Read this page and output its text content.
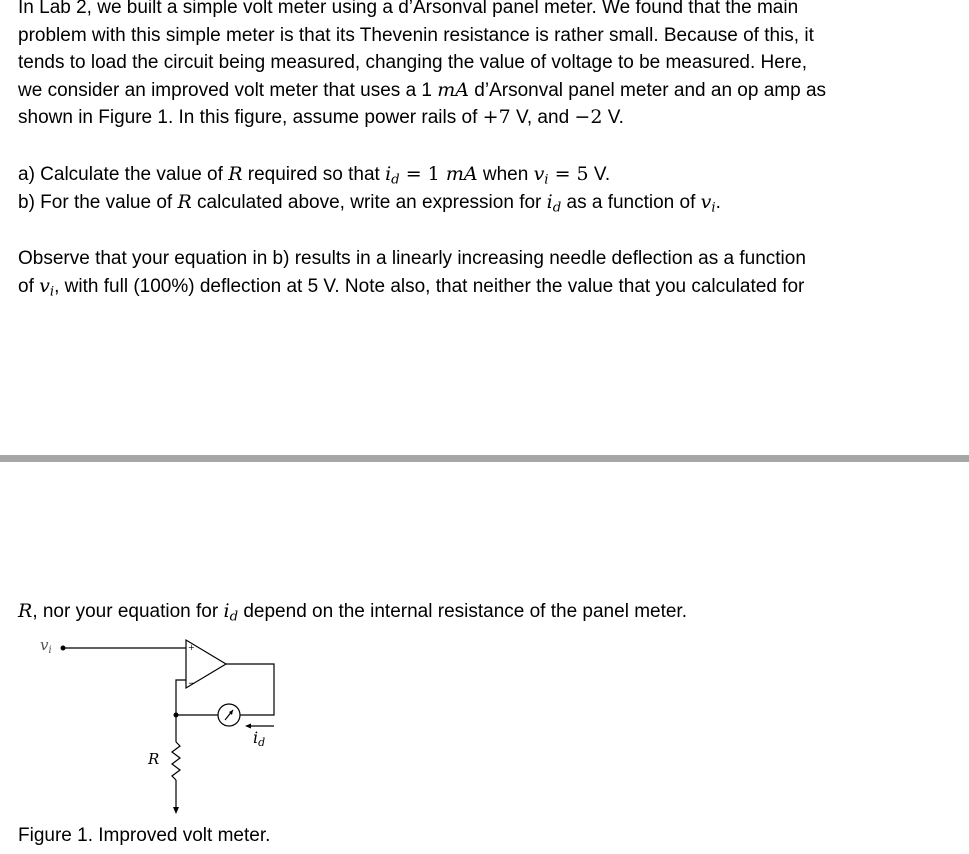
In Lab 2, we built a simple volt meter using a d’Arsonval panel meter. We found that the main
problem with this simple meter is that its Thevenin resistance is rather small. Because of this, it
tends to load the circuit being measured, changing the value of voltage to be measured. Here,
we consider an improved volt meter that uses a 1 mA d’Arsonval panel meter and an op amp as
shown in Figure 1. In this figure, assume power rails of +7 V, and −2 V.
a) Calculate the value of R required so that $i_d = 1$ mA when $v_i = 5$ V.
b) For the value of R calculated above, write an expression for $i_d$ as a function of $v_i$.
Observe that your equation in b) results in a linearly increasing needle deflection as a function
of $v_i$, with full (100%) deflection at 5 V. Note also, that neither the value that you calculated for
R, nor your equation for $i_d$ depend on the internal resistance of the panel meter.
$v_i$	+
−
id
R
Figure 1. Improved volt meter.
